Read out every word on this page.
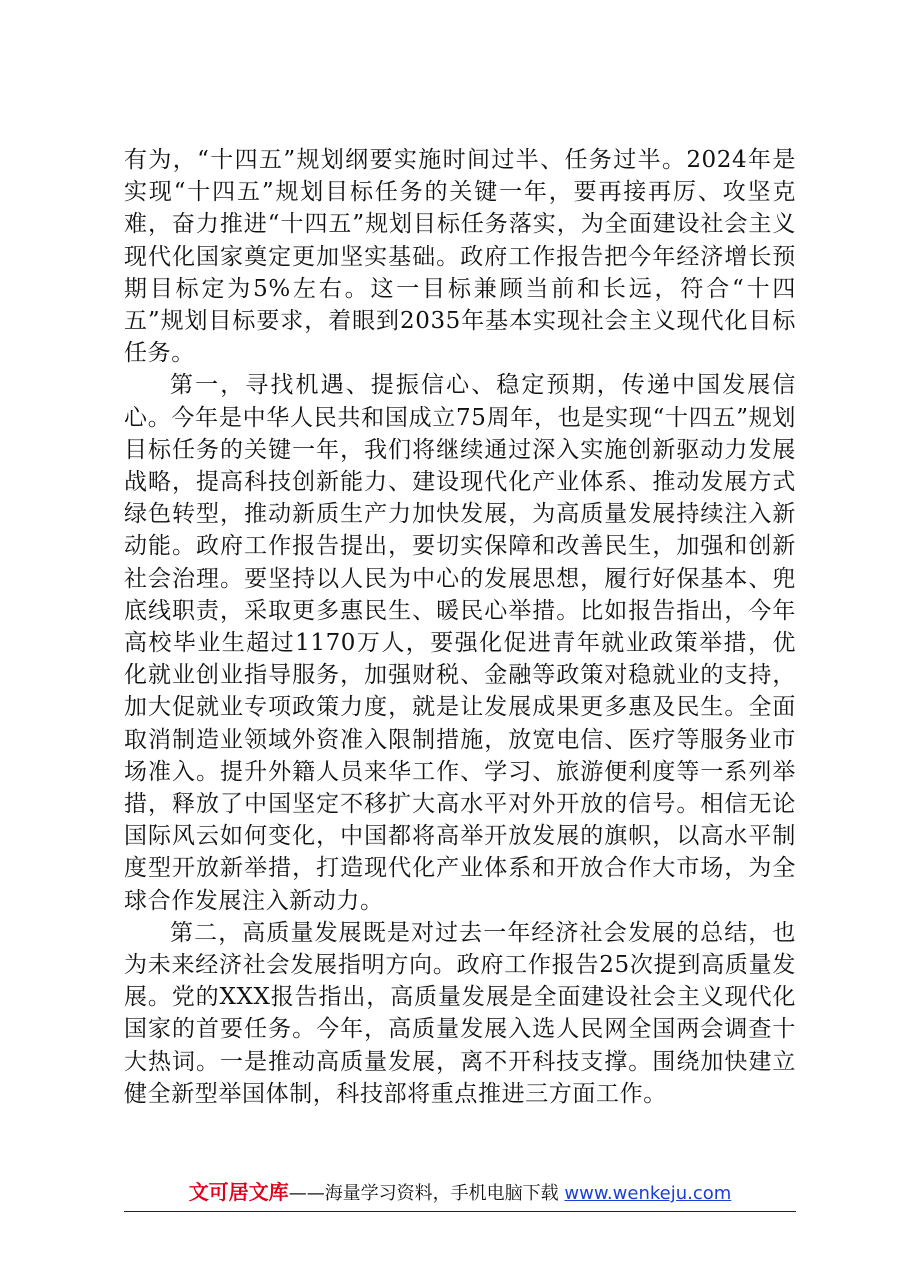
有为，“十四五”规划纲要实施时间过半、任务过半。2024年是实现“十四五”规划目标任务的关键一年，要再接再厉、攻坚克难，奋力推进“十四五”规划目标任务落实，为全面建设社会主义现代化国家奠定更加坚实基础。政府工作报告把今年经济增长预期目标定为5%左右。这一目标兼顾当前和长远，符合“十四五”规划目标要求，着眼到2035年基本实现社会主义现代化目标任务。

第一，寻找机遇、提振信心、稳定预期，传递中国发展信心。今年是中华人民共和国成立75周年，也是实现“十四五”规划目标任务的关键一年，我们将继续通过深入实施创新驱动力发展战略，提高科技创新能力、建设现代化产业体系、推动发展方式绿色转型，推动新质生产力加快发展，为高质量发展持续注入新动能。政府工作报告提出，要切实保障和改善民生，加强和创新社会治理。要坚持以人民为中心的发展思想，履行好保基本、兜底线职责，采取更多惠民生、暖民心举措。比如报告指出，今年高校毕业生超过1170万人，要强化促进青年就业政策举措，优化就业创业指导服务，加强财税、金融等政策对稳就业的支持，加大促就业专项政策力度，就是让发展成果更多惠及民生。全面取消制造业领域外资准入限制措施，放宽电信、医疗等服务业市场准入。提升外籍人员来华工作、学习、旅游便利度等一系列举措，释放了中国坚定不移扩大高水平对外开放的信号。相信无论国际风云如何变化，中国都将高举开放发展的旗帜，以高水平制度型开放新举措，打造现代化产业体系和开放合作大市场，为全球合作发展注入新动力。

第二，高质量发展既是对过去一年经济社会发展的总结，也为未来经济社会发展指明方向。政府工作报告25次提到高质量发展。党的XXX报告指出，高质量发展是全面建设社会主义现代化国家的首要任务。今年，高质量发展入选人民网全国两会调查十大热词。一是推动高质量发展，离不开科技支撑。围绕加快建立健全新型举国体制，科技部将重点推进三方面工作。

文可居文库——海量学习资料，手机电脑下载 www.wenkeju.com
